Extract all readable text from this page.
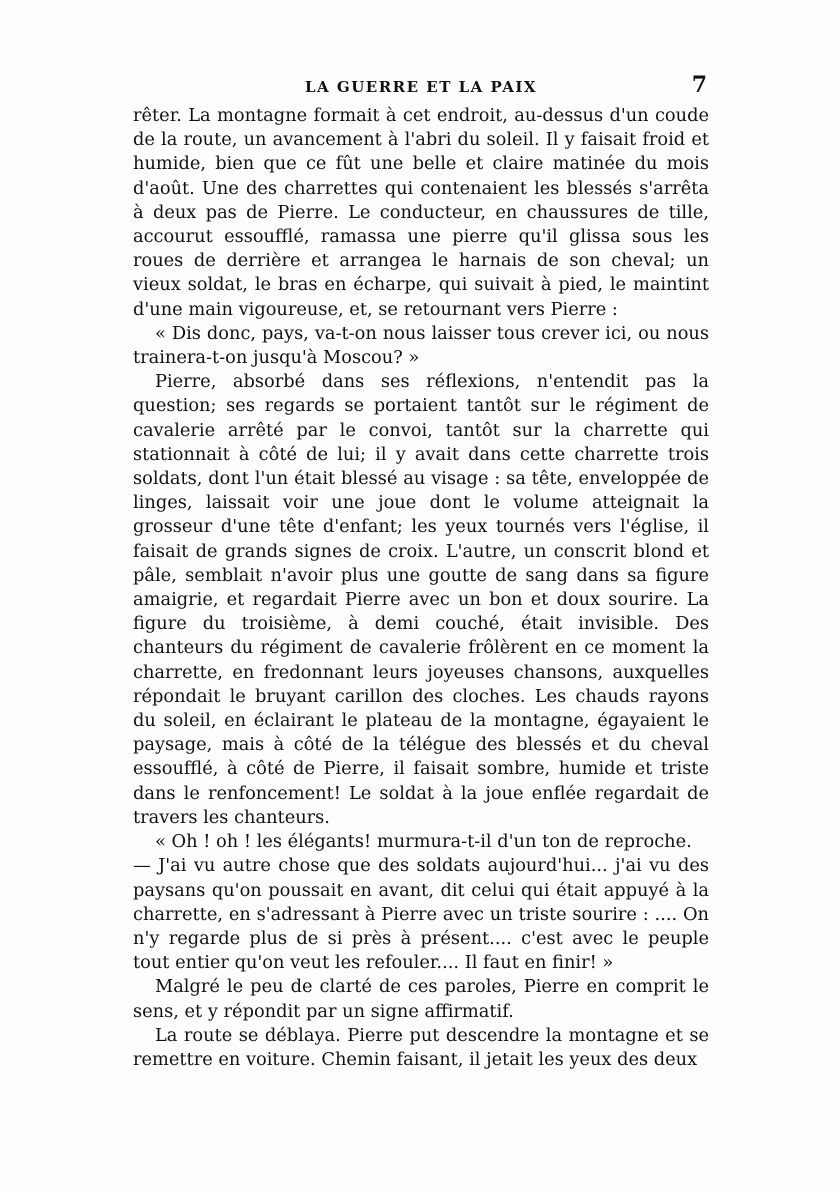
LA GUERRE ET LA PAIX	7

rêter. La montagne formait à cet endroit, au-dessus d'un coude de la route, un avancement à l'abri du soleil. Il y faisait froid et humide, bien que ce fût une belle et claire matinée du mois d'août. Une des charrettes qui contenaient les blessés s'arrêta à deux pas de Pierre. Le conducteur, en chaussures de tille, accourut essoufflé, ramassa une pierre qu'il glissa sous les roues de derrière et arrangea le harnais de son cheval; un vieux soldat, le bras en écharpe, qui suivait à pied, le maintint d'une main vigoureuse, et, se retournant vers Pierre :

« Dis donc, pays, va-t-on nous laisser tous crever ici, ou nous trainera-t-on jusqu'à Moscou? »

Pierre, absorbé dans ses réflexions, n'entendit pas la question; ses regards se portaient tantôt sur le régiment de cavalerie arrêté par le convoi, tantôt sur la charrette qui stationnait à côté de lui; il y avait dans cette charrette trois soldats, dont l'un était blessé au visage : sa tête, enveloppée de linges, laissait voir une joue dont le volume atteignait la grosseur d'une tête d'enfant; les yeux tournés vers l'église, il faisait de grands signes de croix. L'autre, un conscrit blond et pâle, semblait n'avoir plus une goutte de sang dans sa figure amaigrie, et regardait Pierre avec un bon et doux sourire. La figure du troisième, à demi couché, était invisible. Des chanteurs du régiment de cavalerie frôlèrent en ce moment la charrette, en fredonnant leurs joyeuses chansons, auxquelles répondait le bruyant carillon des cloches. Les chauds rayons du soleil, en éclairant le plateau de la montagne, égayaient le paysage, mais à côté de la télégue des blessés et du cheval essoufflé, à côté de Pierre, il faisait sombre, humide et triste dans le renfoncement! Le soldat à la joue enflée regardait de travers les chanteurs.

« Oh ! oh ! les élégants! murmura-t-il d'un ton de reproche.

— J'ai vu autre chose que des soldats aujourd'hui... j'ai vu des paysans qu'on poussait en avant, dit celui qui était appuyé à la charrette, en s'adressant à Pierre avec un triste sourire : .... On n'y regarde plus de si près à présent.... c'est avec le peuple tout entier qu'on veut les refouler.... Il faut en finir! »

Malgré le peu de clarté de ces paroles, Pierre en comprit le sens, et y répondit par un signe affirmatif.

La route se déblaya. Pierre put descendre la montagne et se remettre en voiture. Chemin faisant, il jetait les yeux des deux
